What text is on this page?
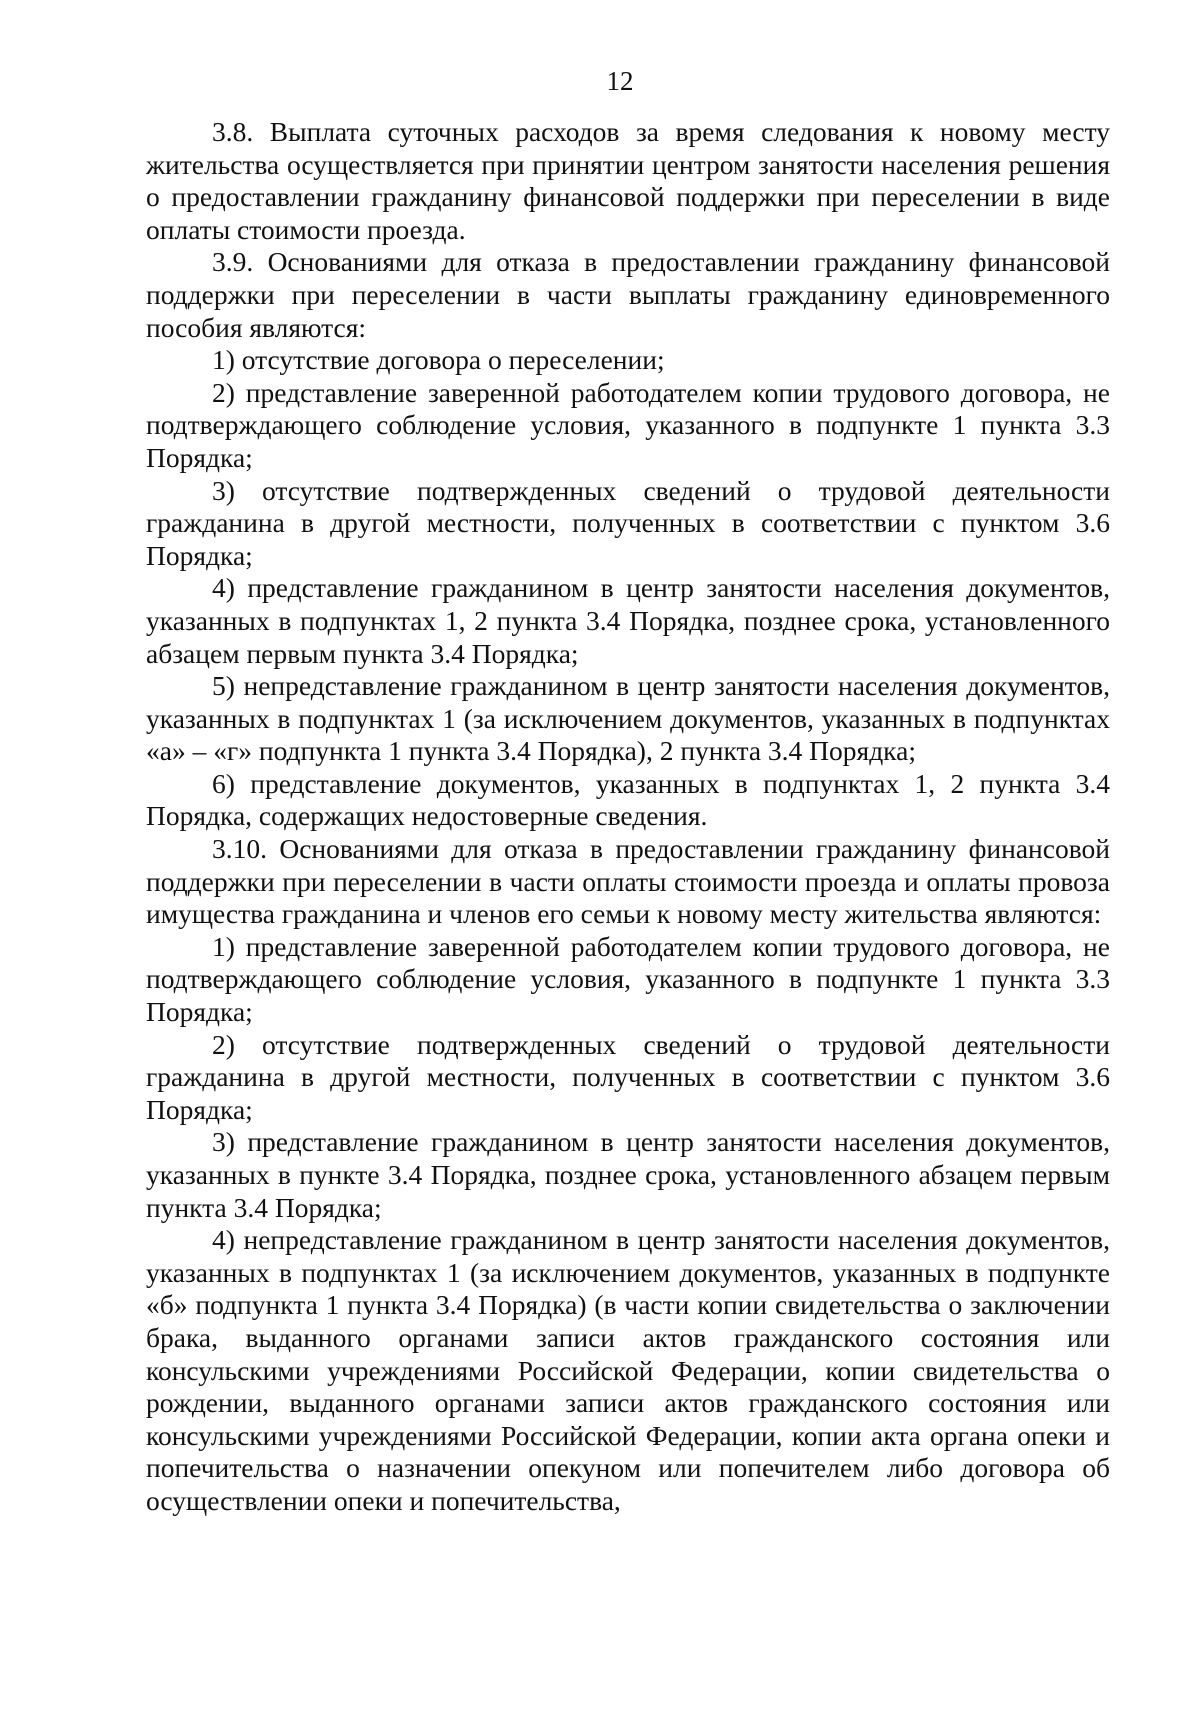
12

3.8. Выплата суточных расходов за время следования к новому месту жительства осуществляется при принятии центром занятости населения решения о предоставлении гражданину финансовой поддержки при переселении в виде оплаты стоимости проезда.

3.9. Основаниями для отказа в предоставлении гражданину финансовой поддержки при переселении в части выплаты гражданину единовременного пособия являются:

1) отсутствие договора о переселении;

2) представление заверенной работодателем копии трудового договора, не подтверждающего соблюдение условия, указанного в подпункте 1 пункта 3.3 Порядка;

3) отсутствие подтвержденных сведений о трудовой деятельности гражданина в другой местности, полученных в соответствии с пунктом 3.6 Порядка;

4) представление гражданином в центр занятости населения документов, указанных в подпунктах 1, 2 пункта 3.4 Порядка, позднее срока, установленного абзацем первым пункта 3.4 Порядка;

5) непредставление гражданином в центр занятости населения документов, указанных в подпунктах 1 (за исключением документов, указанных в подпунктах «а» – «г» подпункта 1 пункта 3.4 Порядка), 2 пункта 3.4 Порядка;

6) представление документов, указанных в подпунктах 1, 2 пункта 3.4 Порядка, содержащих недостоверные сведения.

3.10. Основаниями для отказа в предоставлении гражданину финансовой поддержки при переселении в части оплаты стоимости проезда и оплаты провоза имущества гражданина и членов его семьи к новому месту жительства являются:

1) представление заверенной работодателем копии трудового договора, не подтверждающего соблюдение условия, указанного в подпункте 1 пункта 3.3 Порядка;

2) отсутствие подтвержденных сведений о трудовой деятельности гражданина в другой местности, полученных в соответствии с пунктом 3.6 Порядка;

3) представление гражданином в центр занятости населения документов, указанных в пункте 3.4 Порядка, позднее срока, установленного абзацем первым пункта 3.4 Порядка;

4) непредставление гражданином в центр занятости населения документов, указанных в подпунктах 1 (за исключением документов, указанных в подпункте «б» подпункта 1 пункта 3.4 Порядка) (в части копии свидетельства о заключении брака, выданного органами записи актов гражданского состояния или консульскими учреждениями Российской Федерации, копии свидетельства о рождении, выданного органами записи актов гражданского состояния или консульскими учреждениями Российской Федерации, копии акта органа опеки и попечительства о назначении опекуном или попечителем либо договора об осуществлении опеки и попечительства,
